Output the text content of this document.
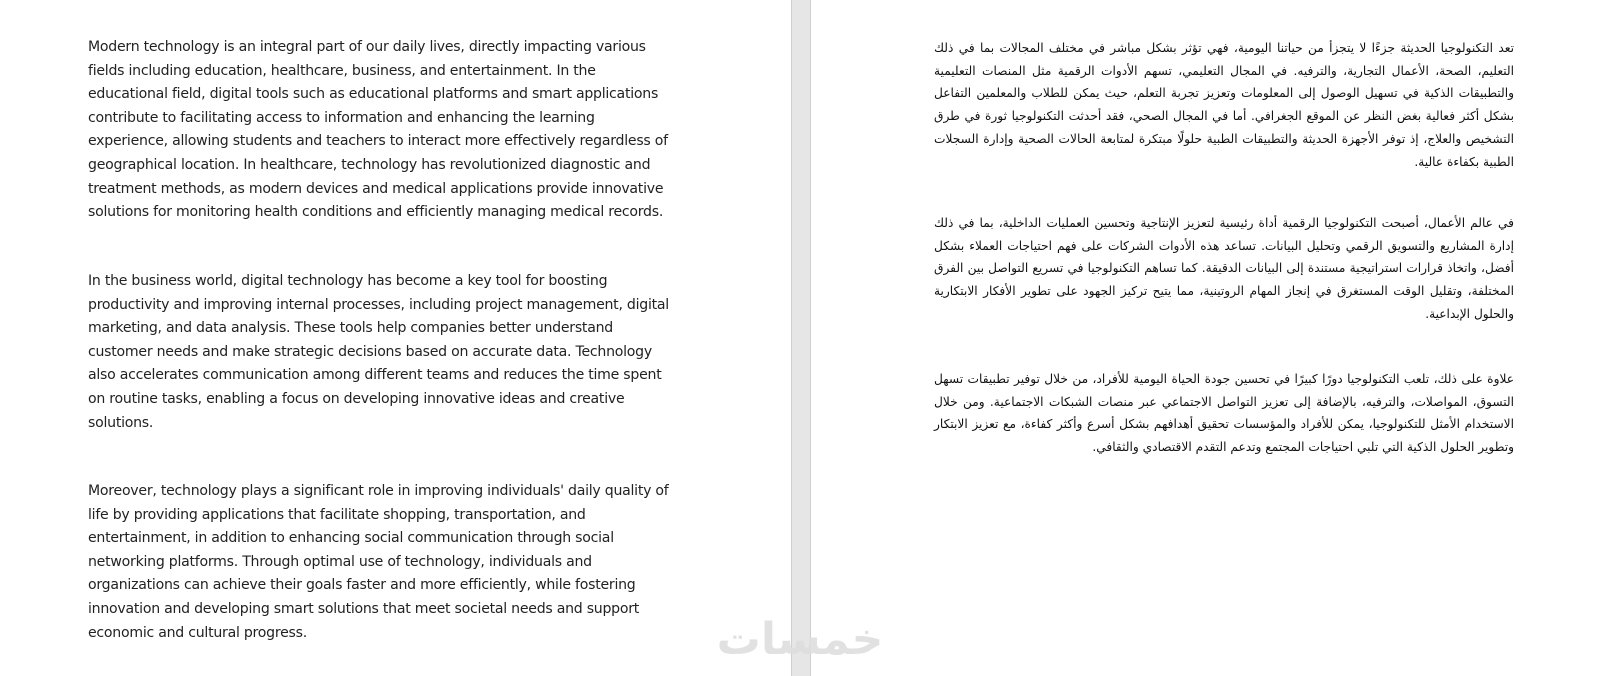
Modern technology is an integral part of our daily lives, directly impacting various fields including education, healthcare, business, and entertainment. In the educational field, digital tools such as educational platforms and smart applications contribute to facilitating access to information and enhancing the learning experience, allowing students and teachers to interact more effectively regardless of geographical location. In healthcare, technology has revolutionized diagnostic and treatment methods, as modern devices and medical applications provide innovative solutions for monitoring health conditions and efficiently managing medical records.

In the business world, digital technology has become a key tool for boosting productivity and improving internal processes, including project management, digital marketing, and data analysis. These tools help companies better understand customer needs and make strategic decisions based on accurate data. Technology also accelerates communication among different teams and reduces the time spent on routine tasks, enabling a focus on developing innovative ideas and creative solutions.

Moreover, technology plays a significant role in improving individuals' daily quality of life by providing applications that facilitate shopping, transportation, and entertainment, in addition to enhancing social communication through social networking platforms. Through optimal use of technology, individuals and organizations can achieve their goals faster and more efficiently, while fostering innovation and developing smart solutions that meet societal needs and support economic and cultural progress.

تعد التكنولوجيا الحديثة جزءًا لا يتجزأ من حياتنا اليومية، فهي تؤثر بشكل مباشر في مختلف المجالات بما في ذلك التعليم، الصحة، الأعمال التجارية، والترفيه. في المجال التعليمي، تسهم الأدوات الرقمية مثل المنصات التعليمية والتطبيقات الذكية في تسهيل الوصول إلى المعلومات وتعزيز تجربة التعلم، حيث يمكن للطلاب والمعلمين التفاعل بشكل أكثر فعالية بغض النظر عن الموقع الجغرافي. أما في المجال الصحي، فقد أحدثت التكنولوجيا ثورة في طرق التشخيص والعلاج، إذ توفر الأجهزة الحديثة والتطبيقات الطبية حلولًا مبتكرة لمتابعة الحالات الصحية وإدارة السجلات الطبية بكفاءة عالية.

في عالم الأعمال، أصبحت التكنولوجيا الرقمية أداة رئيسية لتعزيز الإنتاجية وتحسين العمليات الداخلية، بما في ذلك إدارة المشاريع والتسويق الرقمي وتحليل البيانات. تساعد هذه الأدوات الشركات على فهم احتياجات العملاء بشكل أفضل، واتخاذ قرارات استراتيجية مستندة إلى البيانات الدقيقة. كما تساهم التكنولوجيا في تسريع التواصل بين الفرق المختلفة، وتقليل الوقت المستغرق في إنجاز المهام الروتينية، مما يتيح تركيز الجهود على تطوير الأفكار الابتكارية والحلول الإبداعية.

علاوة على ذلك، تلعب التكنولوجيا دورًا كبيرًا في تحسين جودة الحياة اليومية للأفراد، من خلال توفير تطبيقات تسهل التسوق، المواصلات، والترفيه، بالإضافة إلى تعزيز التواصل الاجتماعي عبر منصات الشبكات الاجتماعية. ومن خلال الاستخدام الأمثل للتكنولوجيا، يمكن للأفراد والمؤسسات تحقيق أهدافهم بشكل أسرع وأكثر كفاءة، مع تعزيز الابتكار وتطوير الحلول الذكية التي تلبي احتياجات المجتمع وتدعم التقدم الاقتصادي والثقافي.

خمسات
